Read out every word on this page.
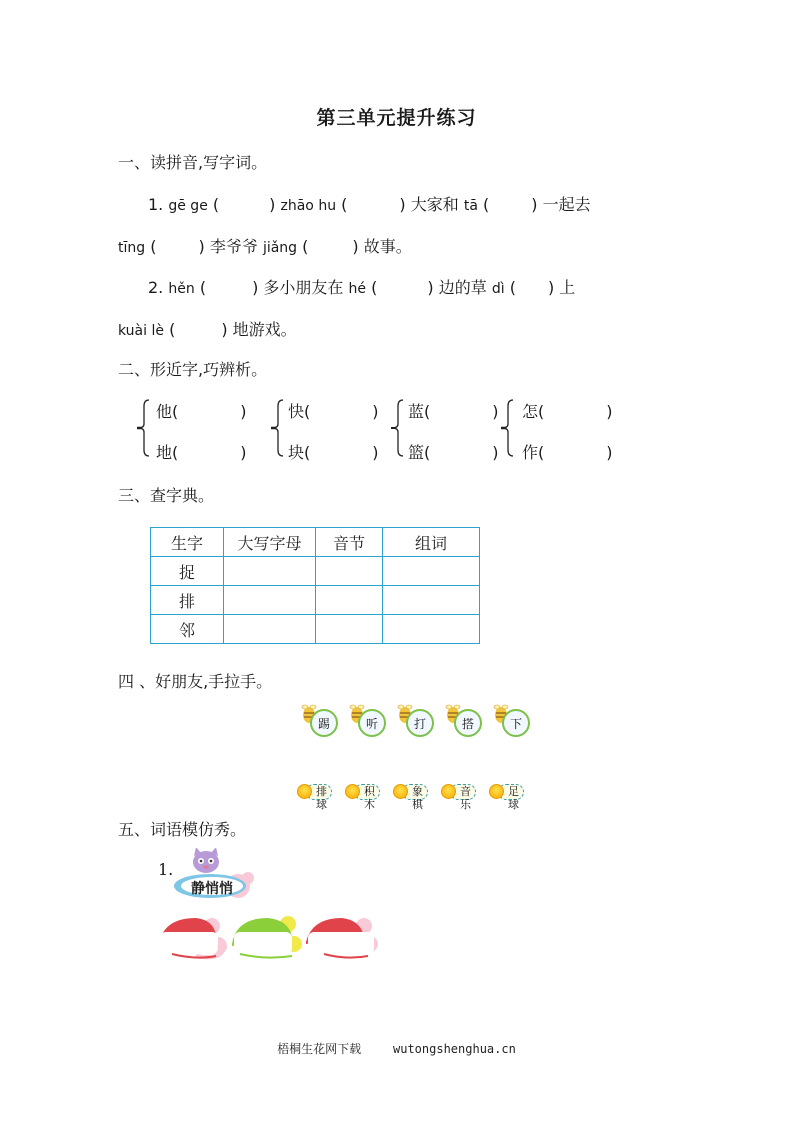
第三单元提升练习
一、读拼音,写字词。
1. gē ge (	) zhāo hu (	) 大家和 tā (	) 一起去
tīng (	) 李爷爷 jiǎng (	) 故事。
2. hěn (	) 多小朋友在 hé (	) 边的草 dì ( ) 上
kuài lè (	) 地游戏。
二、形近字,巧辨析。
他(	)
地(	)
快(	)
块(	)
蓝(	)
篮(	)
怎(	)
作(	)
三、查字典。
生字	大写字母	音节	组词
捉			
排			
邻			
四 、好朋友,手拉手。
踢	听	打	搭	下
排球
积木
象棋
音乐
足球
五、词语模仿秀。
1.
静悄悄
梧桐生花网下载	wutongshenghua.cn
